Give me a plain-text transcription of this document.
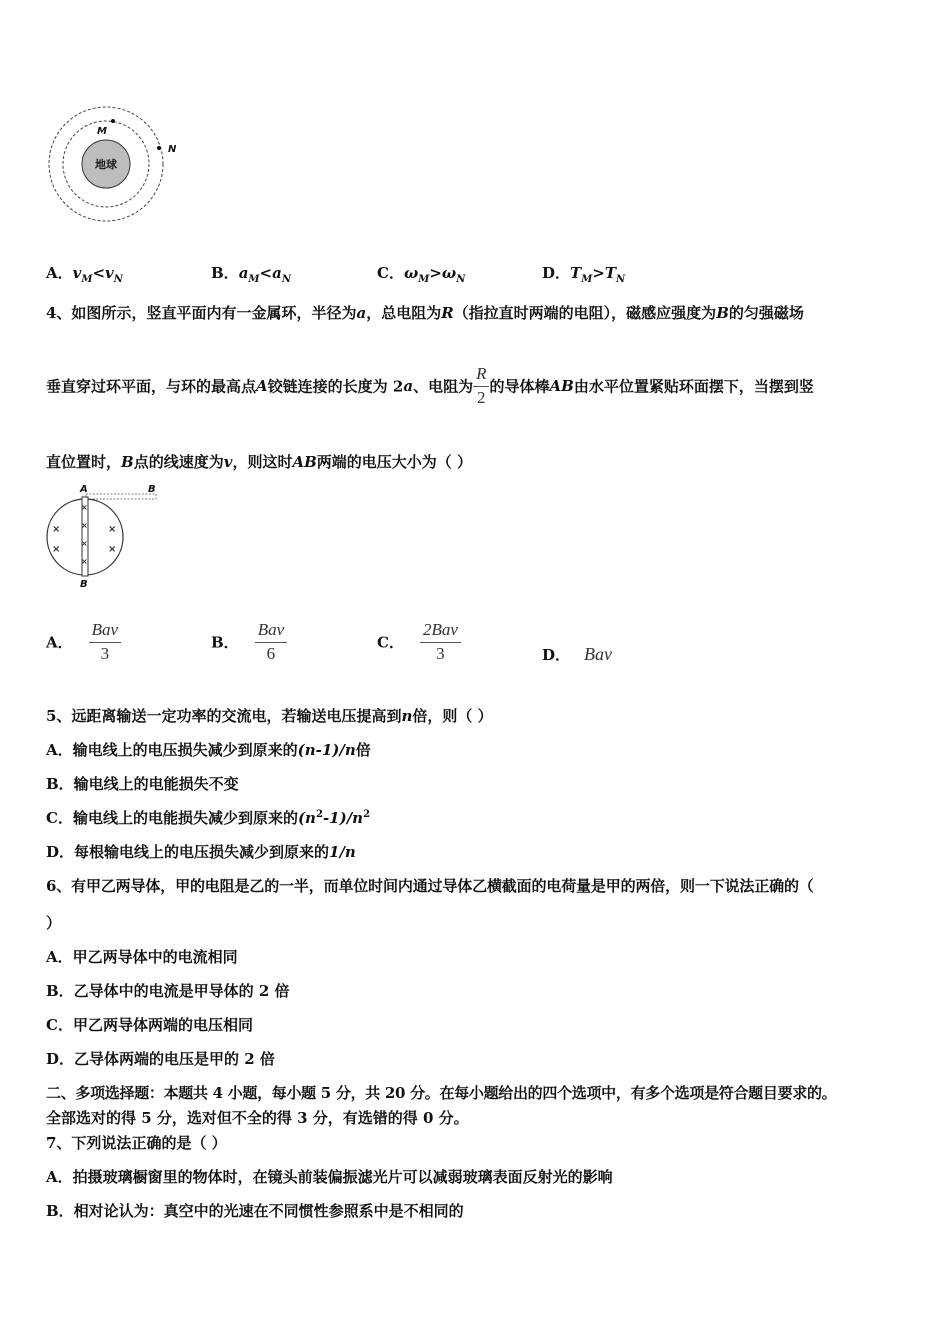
地球
M
N
A．$v_M<v_N$	B．$a_M<a_N$	C．$\omega_M>\omega_N$	D．$T_M>T_N$
4、如图所示，竖直平面内有一金属环，半径为a，总电阻为R（指拉直时两端的电阻），磁感应强度为B的匀强磁场
垂直穿过环平面，与环的最高点A铰链连接的长度为 2a、电阻为 $\frac{R}{2}$ 的导体棒AB由水平位置紧贴环面摆下，当摆到竖
直位置时，B点的线速度为v，则这时AB两端的电压大小为（ ）
A	B
×
×
×
×
×
×
×
×
B
A． $\frac{\text{Bav}}{3}$	B． $\frac{\text{Bav}}{6}$	C． $\frac{\text{2Bav}}{3}$	D． Bav
5、远距离输送一定功率的交流电，若输送电压提高到n倍，则（ ）
A．输电线上的电压损失减少到原来的(n-1)/n倍
B．输电线上的电能损失不变
C．输电线上的电能损失减少到原来的$(n^2-1)/n^2$
D．每根输电线上的电压损失减少到原来的1/n
6、有甲乙两导体，甲的电阻是乙的一半，而单位时间内通过导体乙横截面的电荷量是甲的两倍，则一下说法正确的（
）
A．甲乙两导体中的电流相同
B．乙导体中的电流是甲导体的 2 倍
C．甲乙两导体两端的电压相同
D．乙导体两端的电压是甲的 2 倍
二、多项选择题：本题共 4 小题，每小题 5 分，共 20 分。在每小题给出的四个选项中，有多个选项是符合题目要求的。
全部选对的得 5 分，选对但不全的得 3 分，有选错的得 0 分。
7、下列说法正确的是（ ）
A．拍摄玻璃橱窗里的物体时，在镜头前装偏振滤光片可以减弱玻璃表面反射光的影响
B．相对论认为：真空中的光速在不同惯性参照系中是不相同的
